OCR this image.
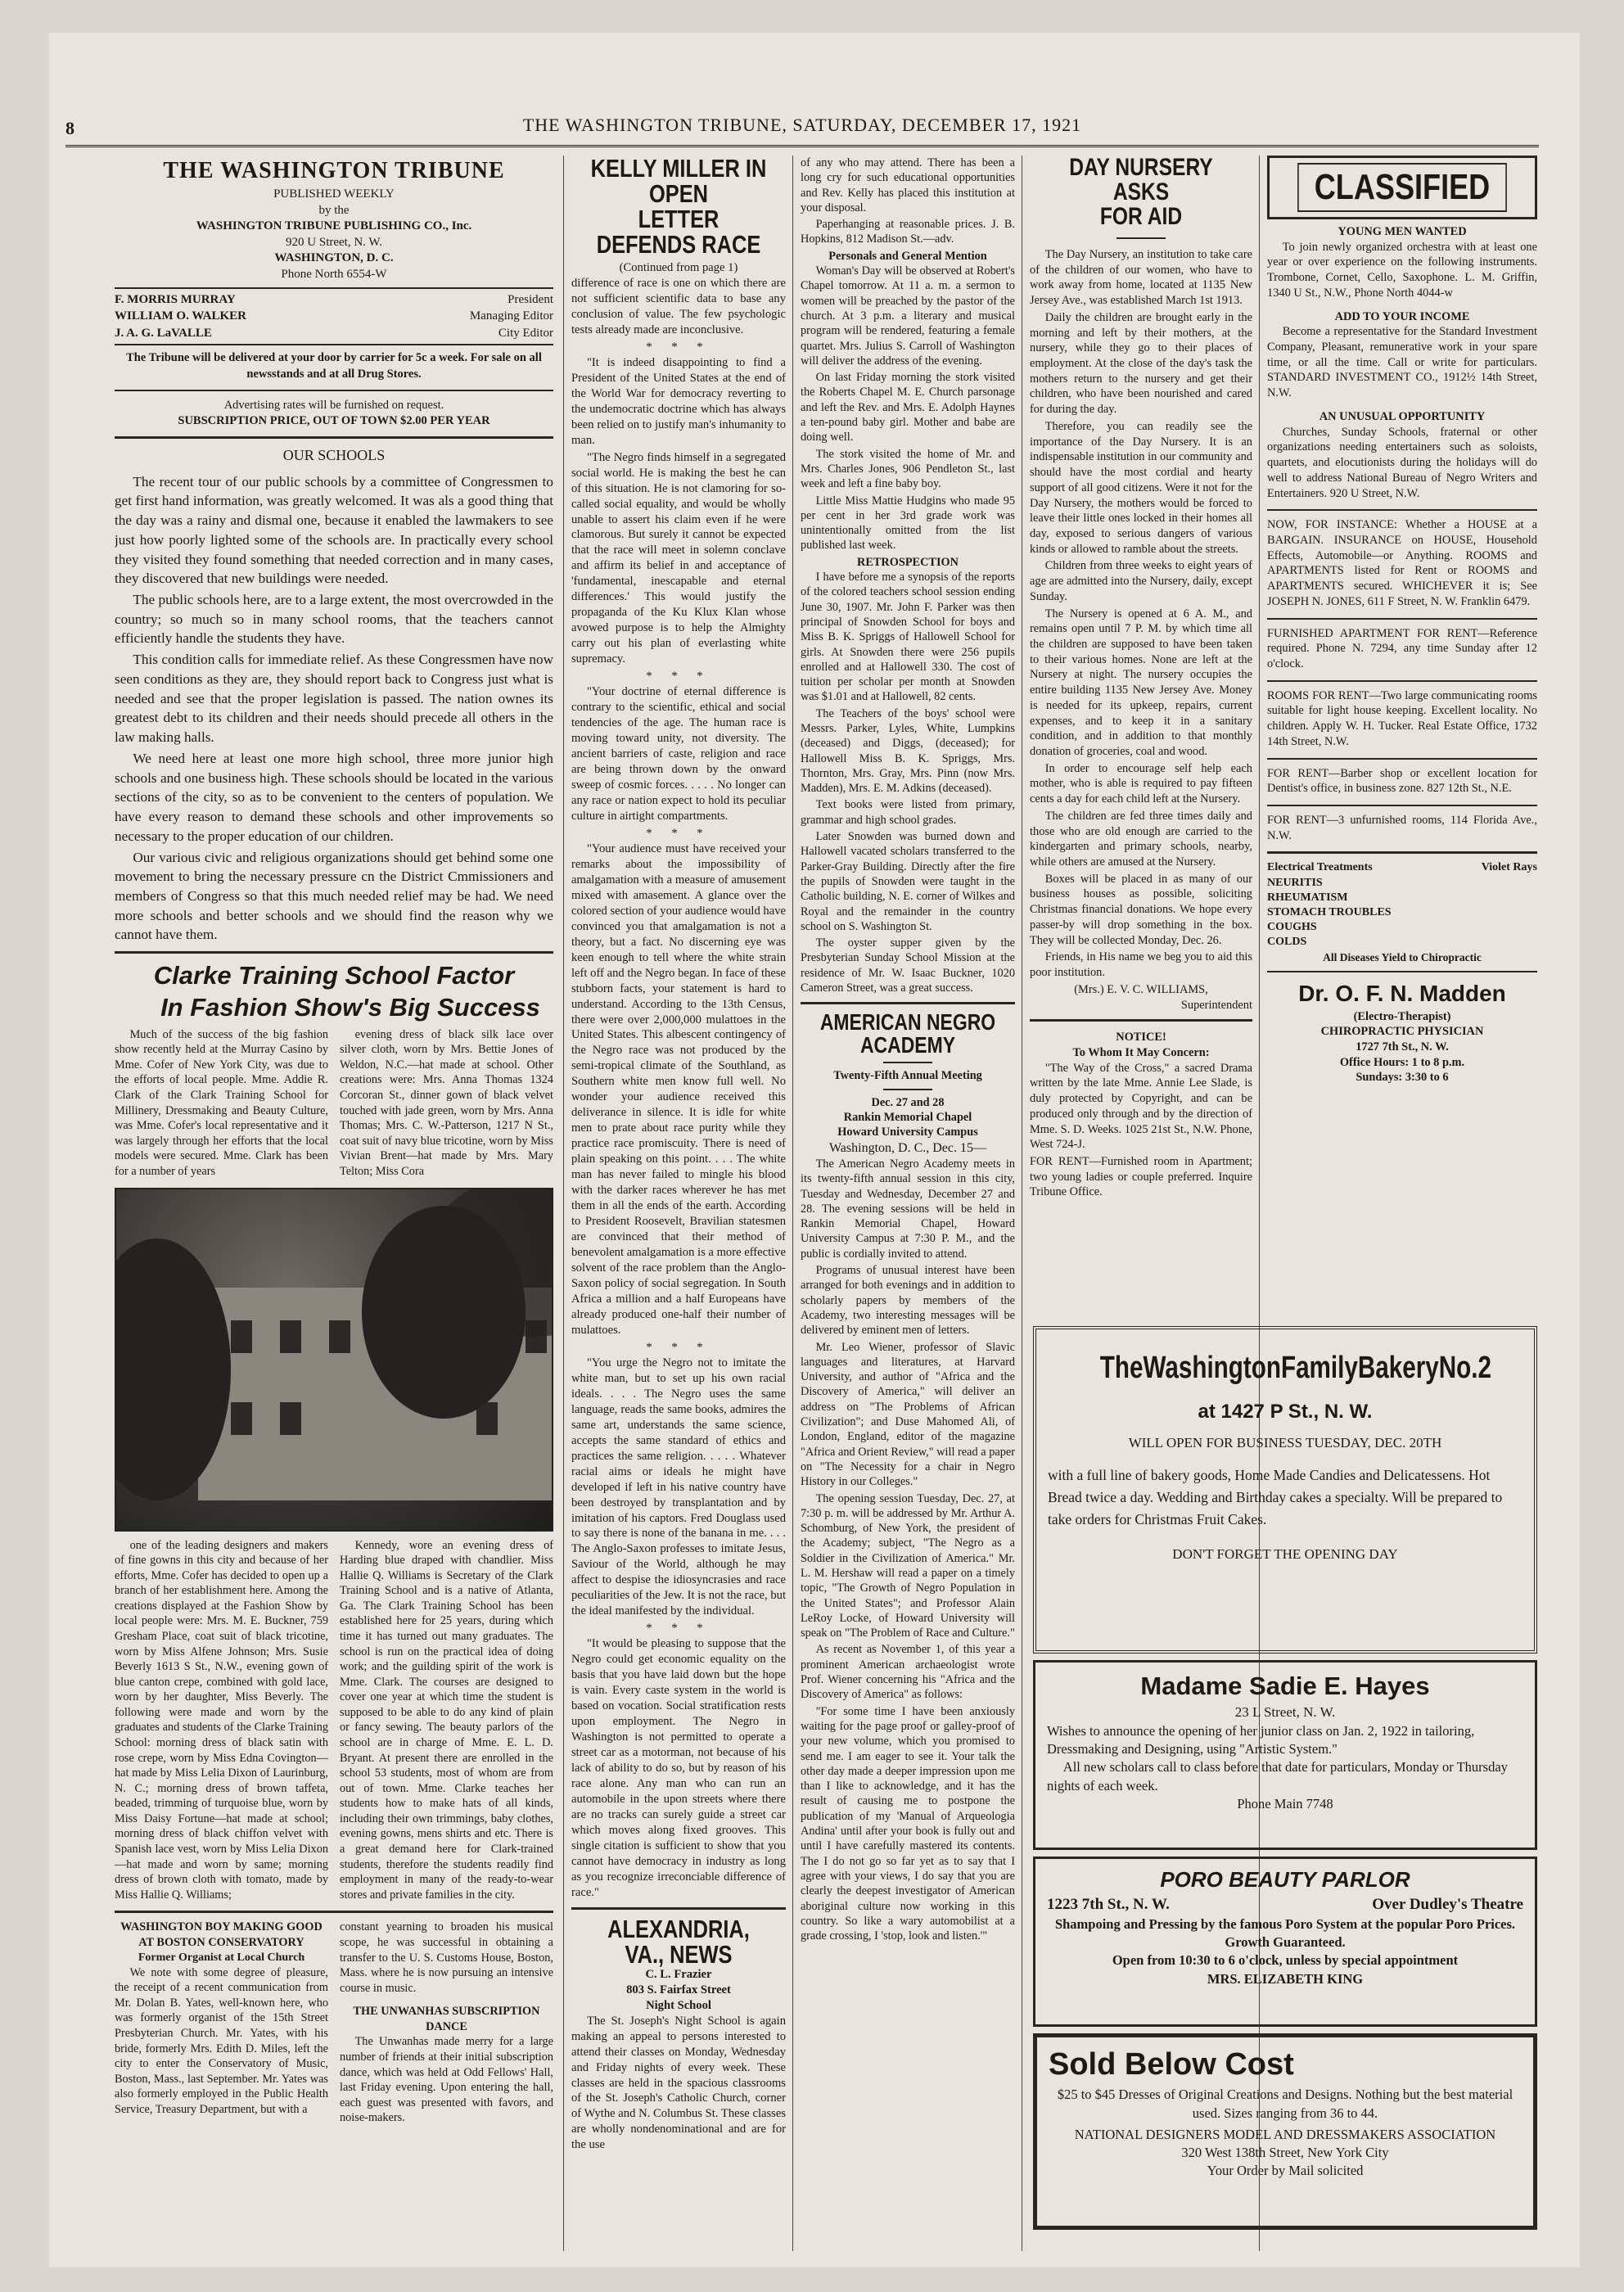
8	THE WASHINGTON TRIBUNE, SATURDAY, DECEMBER 17, 1921
THE WASHINGTON TRIBUNE
PUBLISHED WEEKLY
by the
WASHINGTON TRIBUNE PUBLISHING CO., Inc.
920 U Street, N. W.
WASHINGTON, D. C.
Phone North 6554-W
F. MORRIS MURRAY	President
WILLIAM O. WALKER	Managing Editor
J. A. G. LaVALLE	City Editor
The Tribune will be delivered at your door by carrier for 5c a week. For sale on all newsstands and at all Drug Stores.
Advertising rates will be furnished on request.
SUBSCRIPTION PRICE, OUT OF TOWN $2.00 PER YEAR
OUR SCHOOLS

The recent tour of our public schools by a committee of Congressmen to get first hand information, was greatly welcomed. It was als a good thing that the day was a rainy and dismal one, because it enabled the lawmakers to see just how poorly lighted some of the schools are. In practically every school they visited they found something that needed correction and in many cases, they discovered that new buildings were needed.

The public schools here, are to a large extent, the most overcrowded in the country; so much so in many school rooms, that the teachers cannot efficiently handle the students they have.

This condition calls for immediate relief. As these Congressmen have now seen conditions as they are, they should report back to Congress just what is needed and see that the proper legislation is passed. The nation ownes its greatest debt to its children and their needs should precede all others in the law making halls.

We need here at least one more high school, three more junior high schools and one business high. These schools should be located in the various sections of the city, so as to be convenient to the centers of population. We have every reason to demand these schools and other improvements so necessary to the proper education of our children.

Our various civic and religious organizations should get behind some one movement to bring the necessary pressure cn the District Cmmissioners and members of Congress so that this much needed relief may be had. We need more schools and better schools and we should find the reason why we cannot have them.

Clarke Training School Factor
In Fashion Show's Big Success

Much of the success of the big fashion show recently held at the Murray Casino by Mme. Cofer of New York City, was due to the efforts of local people. Mme. Addie R. Clark of the Clark Training School for Millinery, Dressmaking and Beauty Culture, was Mme. Cofer's local representative and it was largely through her efforts that the local models were secured. Mme. Clark has been for a number of years

evening dress of black silk lace over silver cloth, worn by Mrs. Bettie Jones of Weldon, N.C.—hat made at school. Other creations were: Mrs. Anna Thomas 1324 Corcoran St., dinner gown of black velvet touched with jade green, worn by Mrs. Anna Thomas; Mrs. C. W.-Patterson, 1217 N St., coat suit of navy blue tricotine, worn by Miss Vivian Brent—hat made by Mrs. Mary Telton; Miss Cora

one of the leading designers and makers of fine gowns in this city and because of her efforts, Mme. Cofer has decided to open up a branch of her establishment here. Among the creations displayed at the Fashion Show by local people were: Mrs. M. E. Buckner, 759 Gresham Place, coat suit of black tricotine, worn by Miss Alfene Johnson; Mrs. Susie Beverly 1613 S St., N.W., evening gown of blue canton crepe, combined with gold lace, worn by her daughter, Miss Beverly. The following were made and worn by the graduates and students of the Clarke Training School: morning dress of black satin with rose crepe, worn by Miss Edna Covington—hat made by Miss Lelia Dixon of Laurinburg, N. C.; morning dress of brown taffeta, beaded, trimming of turquoise blue, worn by Miss Daisy Fortune—hat made at school; morning dress of black chiffon velvet with Spanish lace vest, worn by Miss Lelia Dixon—hat made and worn by same; morning dress of brown cloth with tomato, made by Miss Hallie Q. Williams;

Kennedy, wore an evening dress of Harding blue draped with chandlier. Miss Hallie Q. Williams is Secretary of the Clark Training School and is a native of Atlanta, Ga. The Clark Training School has been established here for 25 years, during which time it has turned out many graduates. The school is run on the practical idea of doing work; and the guilding spirit of the work is Mme. Clark. The courses are designed to cover one year at which time the student is supposed to be able to do any kind of plain or fancy sewing. The beauty parlors of the school are in charge of Mme. E. L. D. Bryant. At present there are enrolled in the school 53 students, most of whom are from out of town. Mme. Clarke teaches her students how to make hats of all kinds, including their own trimmings, baby clothes, evening gowns, mens shirts and etc. There is a great demand here for Clark-trained students, therefore the students readily find employment in many of the ready-to-wear stores and private families in the city.

WASHINGTON BOY MAKING GOOD AT BOSTON CONSERVATORY
Former Organist at Local Church

We note with some degree of pleasure, the receipt of a recent communication from Mr. Dolan B. Yates, well-known here, who was formerly organist of the 15th Street Presbyterian Church. Mr. Yates, with his bride, formerly Mrs. Edith D. Miles, left the city to enter the Conservatory of Music, Boston, Mass., last September. Mr. Yates was also formerly employed in the Public Health Service, Treasury Department, but with a

constant yearning to broaden his musical scope, he was successful in obtaining a transfer to the U. S. Customs House, Boston, Mass. where he is now pursuing an intensive course in music.

THE UNWANHAS SUBSCRIPTION DANCE

The Unwanhas made merry for a large number of friends at their initial subscription dance, which was held at Odd Fellows' Hall, last Friday evening. Upon entering the hall, each guest was presented with favors, and noise-makers.

KELLY MILLER IN OPEN
LETTER DEFENDS RACE
(Continued from page 1)

difference of race is one on which there are not sufficient scientific data to base any conclusion of value. The few psychologic tests already made are inconclusive.

* * *

"It is indeed disappointing to find a President of the United States at the end of the World War for democracy reverting to the undemocratic doctrine which has always been relied on to justify man's inhumanity to man.

"The Negro finds himself in a segregated social world. He is making the best he can of this situation. He is not clamoring for so-called social equality, and would be wholly unable to assert his claim even if he were clamorous. But surely it cannot be expected that the race will meet in solemn conclave and affirm its belief in and acceptance of 'fundamental, inescapable and eternal differences.' This would justify the propaganda of the Ku Klux Klan whose avowed purpose is to help the Almighty carry out his plan of everlasting white supremacy.

* * *

"Your doctrine of eternal difference is contrary to the scientific, ethical and social tendencies of the age. The human race is moving toward unity, not diversity. The ancient barriers of caste, religion and race are being thrown down by the onward sweep of cosmic forces. . . . . No longer can any race or nation expect to hold its peculiar culture in airtight compartments.

* * *

"Your audience must have received your remarks about the impossibility of amalgamation with a measure of amusement mixed with amasement. A glance over the colored section of your audience would have convinced you that amalgamation is not a theory, but a fact. No discerning eye was keen enough to tell where the white strain left off and the Negro began. In face of these stubborn facts, your statement is hard to understand. According to the 13th Census, there were over 2,000,000 mulattoes in the United States. This albescent contingency of the Negro race was not produced by the semi-tropical climate of the Southland, as Southern white men know full well. No wonder your audience received this deliverance in silence. It is idle for white men to prate about race purity while they practice race promiscuity. There is need of plain speaking on this point. . . . The white man has never failed to mingle his blood with the darker races wherever he has met them in all the ends of the earth. According to President Roosevelt, Bravilian statesmen are convinced that their method of benevolent amalgamation is a more effective solvent of the race problem than the Anglo-Saxon policy of social segregation. In South Africa a million and a half Europeans have already produced one-half their number of mulattoes.

* * *

"You urge the Negro not to imitate the white man, but to set up his own racial ideals. . . . The Negro uses the same language, reads the same books, admires the same art, understands the same science, accepts the same standard of ethics and practices the same religion. . . . . Whatever racial aims or ideals he might have developed if left in his native country have been destroyed by transplantation and by imitation of his captors. Fred Douglass used to say there is none of the banana in me. . . . The Anglo-Saxon professes to imitate Jesus, Saviour of the World, although he may affect to despise the idiosyncrasies and race peculiarities of the Jew. It is not the race, but the ideal manifested by the individual.

* * *

"It would be pleasing to suppose that the Negro could get economic equality on the basis that you have laid down but the hope is vain. Every caste system in the world is based on vocation. Social stratification rests upon employment. The Negro in Washington is not permitted to operate a street car as a motorman, not because of his lack of ability to do so, but by reason of his race alone. Any man who can run an automobile in the upon streets where there are no tracks can surely guide a street car which moves along fixed grooves. This single citation is sufficient to show that you cannot have democracy in industry as long as you recognize irreconciable difference of race."

ALEXANDRIA, VA., NEWS
C. L. Frazier
803 S. Fairfax Street
Night School

The St. Joseph's Night School is again making an appeal to persons interested to attend their classes on Monday, Wednesday and Friday nights of every week. These classes are held in the spacious classrooms of the St. Joseph's Catholic Church, corner of Wythe and N. Columbus St. These classes are wholly nondenominational and are for the use

of any who may attend. There has been a long cry for such educational opportunities and Rev. Kelly has placed this institution at your disposal.

Paperhanging at reasonable prices. J. B. Hopkins, 812 Madison St.—adv.

Personals and General Mention

Woman's Day will be observed at Robert's Chapel tomorrow. At 11 a. m. a sermon to women will be preached by the pastor of the church. At 3 p.m. a literary and musical program will be rendered, featuring a female quartet. Mrs. Julius S. Carroll of Washington will deliver the address of the evening.

On last Friday morning the stork visited the Roberts Chapel M. E. Church parsonage and left the Rev. and Mrs. E. Adolph Haynes a ten-pound baby girl. Mother and babe are doing well.

The stork visited the home of Mr. and Mrs. Charles Jones, 906 Pendleton St., last week and left a fine baby boy.

Little Miss Mattie Hudgins who made 95 per cent in her 3rd grade work was unintentionally omitted from the list published last week.

RETROSPECTION

I have before me a synopsis of the reports of the colored teachers school session ending June 30, 1907. Mr. John F. Parker was then principal of Snowden School for boys and Miss B. K. Spriggs of Hallowell School for girls. At Snowden there were 256 pupils enrolled and at Hallowell 330. The cost of tuition per scholar per month at Snowden was $1.01 and at Hallowell, 82 cents.

The Teachers of the boys' school were Messrs. Parker, Lyles, White, Lumpkins (deceased) and Diggs, (deceased); for Hallowell Miss B. K. Spriggs, Mrs. Thornton, Mrs. Gray, Mrs. Pinn (now Mrs. Madden), Mrs. E. M. Adkins (deceased).

Text books were listed from primary, grammar and high school grades.

Later Snowden was burned down and Hallowell vacated scholars transferred to the Parker-Gray Building. Directly after the fire the pupils of Snowden were taught in the Catholic building, N. E. corner of Wilkes and Royal and the remainder in the country school on S. Washington St.

The oyster supper given by the Presbyterian Sunday School Mission at the residence of Mr. W. Isaac Buckner, 1020 Cameron Street, was a great success.

AMERICAN NEGRO
ACADEMY
Twenty-Fifth Annual Meeting
Dec. 27 and 28
Rankin Memorial Chapel
Howard University Campus
Washington, D. C., Dec. 15—

The American Negro Academy meets in its twenty-fifth annual session in this city, Tuesday and Wednesday, December 27 and 28. The evening sessions will be held in Rankin Memorial Chapel, Howard University Campus at 7:30 P. M., and the public is cordially invited to attend.

Programs of unusual interest have been arranged for both evenings and in addition to scholarly papers by members of the Academy, two interesting messages will be delivered by eminent men of letters.

Mr. Leo Wiener, professor of Slavic languages and literatures, at Harvard University, and author of "Africa and the Discovery of America," will deliver an address on "The Problems of African Civilization"; and Duse Mahomed Ali, of London, England, editor of the magazine "Africa and Orient Review," will read a paper on "The Necessity for a chair in Negro History in our Colleges."

The opening session Tuesday, Dec. 27, at 7:30 p. m. will be addressed by Mr. Arthur A. Schomburg, of New York, the president of the Academy; subject, "The Negro as a Soldier in the Civilization of America." Mr. L. M. Hershaw will read a paper on a timely topic, "The Growth of Negro Population in the United States"; and Professor Alain LeRoy Locke, of Howard University will speak on "The Problem of Race and Culture."

As recent as November 1, of this year a prominent American archaeologist wrote Prof. Wiener concerning his "Africa and the Discovery of America" as follows:

"For some time I have been anxiously waiting for the page proof or galley-proof of your new volume, which you promised to send me. I am eager to see it. Your talk the other day made a deeper impression upon me than I like to acknowledge, and it has the result of causing me to postpone the publication of my 'Manual of Arqueologia Andina' until after your book is fully out and until I have carefully mastered its contents. The I do not go so far yet as to say that I agree with your views, I do say that you are clearly the deepest investigator of American aboriginal culture now working in this country. So like a wary automobilist at a grade crossing, I 'stop, look and listen.'"

DAY NURSERY ASKS
FOR AID

The Day Nursery, an institution to take care of the children of our women, who have to work away from home, located at 1135 New Jersey Ave., was established March 1st 1913.

Daily the children are brought early in the morning and left by their mothers, at the nursery, while they go to their places of employment. At the close of the day's task the mothers return to the nursery and get their children, who have been nourished and cared for during the day.

Therefore, you can readily see the importance of the Day Nursery. It is an indispensable institution in our community and should have the most cordial and hearty support of all good citizens. Were it not for the Day Nursery, the mothers would be forced to leave their little ones locked in their homes all day, exposed to serious dangers of various kinds or allowed to ramble about the streets.

Children from three weeks to eight years of age are admitted into the Nursery, daily, except Sunday.

The Nursery is opened at 6 A. M., and remains open until 7 P. M. by which time all the children are supposed to have been taken to their various homes. None are left at the Nursery at night. The nursery occupies the entire building 1135 New Jersey Ave. Money is needed for its upkeep, repairs, current expenses, and to keep it in a sanitary condition, and in addition to that monthly donation of groceries, coal and wood.

In order to encourage self help each mother, who is able is required to pay fifteen cents a day for each child left at the Nursery.

The children are fed three times daily and those who are old enough are carried to the kindergarten and primary schools, nearby, while others are amused at the Nursery.

Boxes will be placed in as many of our business houses as possible, soliciting Christmas financial donations. We hope every passer-by will drop something in the box. They will be collected Monday, Dec. 26.

Friends, in His name we beg you to aid this poor institution.

(Mrs.) E. V. C. WILLIAMS,
Superintendent
NOTICE!
To Whom It May Concern:

"The Way of the Cross," a sacred Drama written by the late Mme. Annie Lee Slade, is duly protected by Copyright, and can be produced only through and by the direction of Mme. S. D. Weeks. 1025 21st St., N.W. Phone, West 724-J.

FOR RENT—Furnished room in Apartment; two young ladies or couple preferred. Inquire Tribune Office.

CLASSIFIED
YOUNG MEN WANTED

To join newly organized orchestra with at least one year or over experience on the following instruments. Trombone, Cornet, Cello, Saxophone. L. M. Griffin, 1340 U St., N.W., Phone North 4044-w

ADD TO YOUR INCOME

Become a representative for the Standard Investment Company, Pleasant, remunerative work in your spare time, or all the time. Call or write for particulars. STANDARD INVESTMENT CO., 1912½ 14th Street, N.W.

AN UNUSUAL OPPORTUNITY

Churches, Sunday Schools, fraternal or other organizations needing entertainers such as soloists, quartets, and elocutionists during the holidays will do well to address National Bureau of Negro Writers and Entertainers. 920 U Street, N.W.

NOW, FOR INSTANCE: Whether a HOUSE at a BARGAIN. INSURANCE on HOUSE, Household Effects, Automobile—or Anything. ROOMS and APARTMENTS listed for Rent or ROOMS and APARTMENTS secured. WHICHEVER it is; See JOSEPH N. JONES, 611 F Street, N. W. Franklin 6479.

FURNISHED APARTMENT FOR RENT—Reference required. Phone N. 7294, any time Sunday after 12 o'clock.

ROOMS FOR RENT—Two large communicating rooms suitable for light house keeping. Excellent locality. No children. Apply W. H. Tucker. Real Estate Office, 1732 14th Street, N.W.

FOR RENT—Barber shop or excellent location for Dentist's office, in business zone. 827 12th St., N.E.

FOR RENT—3 unfurnished rooms, 114 Florida Ave., N.W.

Electrical Treatments	Violet Rays
NEURITIS
RHEUMATISM
STOMACH TROUBLES
COUGHS
COLDS
All Diseases Yield to Chiropractic
Dr. O. F. N. Madden
(Electro-Therapist)
CHIROPRACTIC PHYSICIAN
1727 7th St., N. W.
Office Hours: 1 to 8 p.m.
Sundays: 3:30 to 6
TheWashingtonFamilyBakeryNo.2
at 1427 P St., N. W.
WILL OPEN FOR BUSINESS TUESDAY, DEC. 20TH
with a full line of bakery goods, Home Made Candies and Delicatessens. Hot Bread twice a day. Wedding and Birthday cakes a specialty. Will be prepared to take orders for Christmas Fruit Cakes.
DON'T FORGET THE OPENING DAY
Madame Sadie E. Hayes
23 L Street, N. W.
Wishes to announce the opening of her junior class on Jan. 2, 1922 in tailoring, Dressmaking and Designing, using "Artistic System."
All new scholars call to class before that date for particulars, Monday or Thursday nights of each week.
Phone Main 7748
PORO BEAUTY PARLOR
1223 7th St., N. W.	Over Dudley's Theatre
Shampoing and Pressing by the famous Poro System at the popular Poro Prices. Growth Guaranteed.
Open from 10:30 to 6 o'clock, unless by special appointment
MRS. ELIZABETH KING
Sold Below Cost
$25 to $45 Dresses of Original Creations and Designs. Nothing but the best material used. Sizes ranging from 36 to 44.
NATIONAL DESIGNERS MODEL AND DRESSMAKERS ASSOCIATION
320 West 138th Street, New York City
Your Order by Mail solicited
